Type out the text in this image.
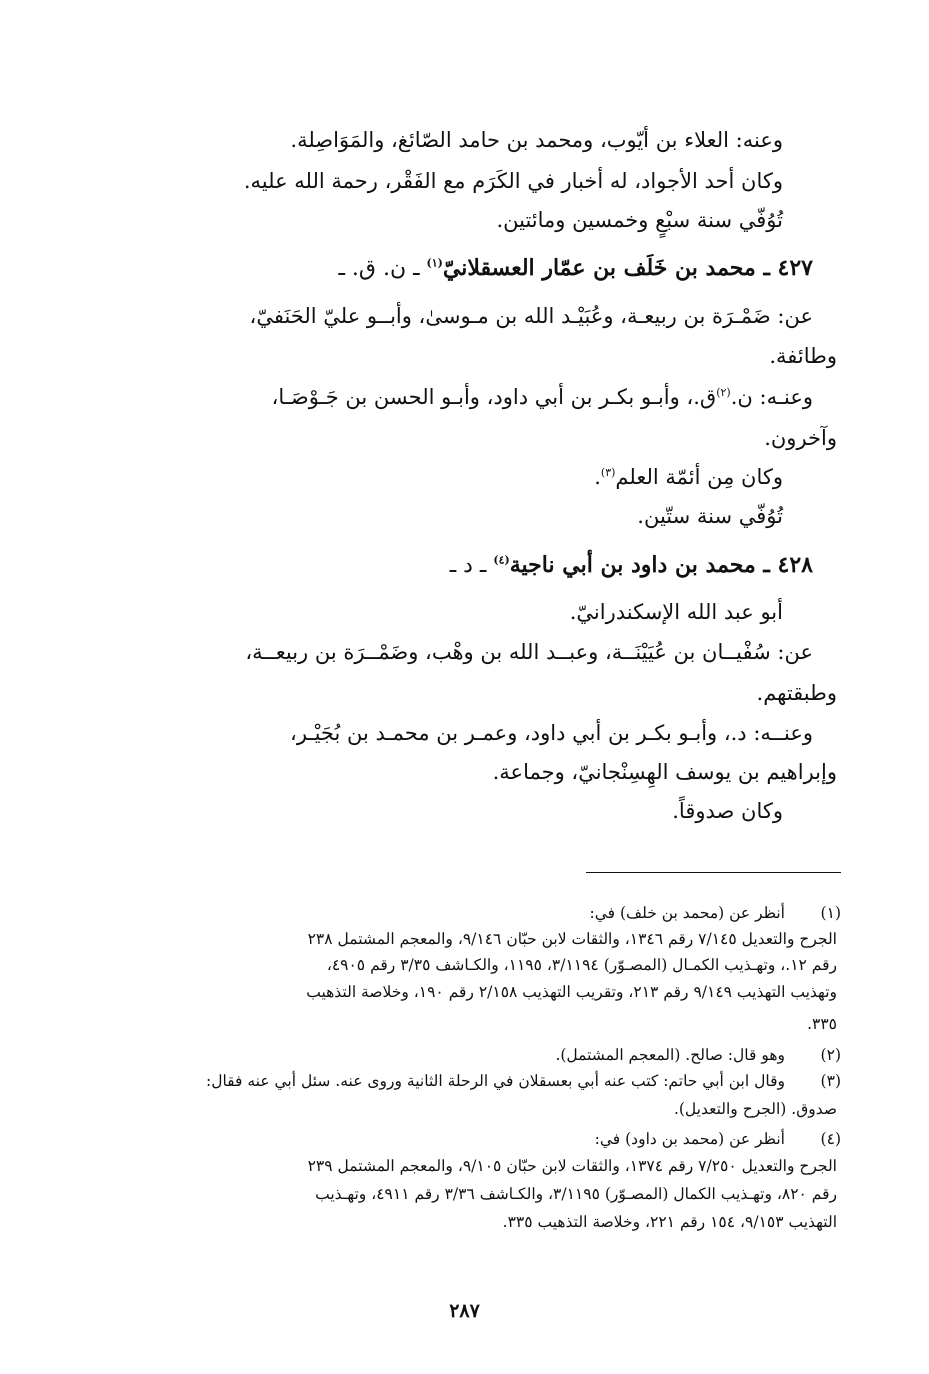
وعنه: العلاء بن أيّوب، ومحمد بن حامد الصّائغ، والمَوَاصِلة.
وكان أحد الأجواد، له أخبار في الكَرَم مع الفَقْر، رحمة الله عليه.
تُوُفّي سنة سبْعٍ وخمسين ومائتين.
٤٢٧ ـ محمد بن خَلَف بن عمّار العسقلانيّ$^{(١)}$ ـ ن. ق. ـ
عن: ضَمْـرَة بن ربيعـة، وعُبَيْـد الله بن مـوسىٰ، وأبــو عليّ الحَنَفيّ،
وطائفة.
وعنـه: ن.$^{(٢)}$ق.، وأبـو بكـر بن أبي داود، وأبـو الحسن بن جَـوْصَـا،
وآخرون.
وكان مِن أئمّة العلم$^{(٣)}$.
تُوُفّي سنة ستّين.
٤٢٨ ـ محمد بن داود بن أبي ناجية$^{(٤)}$ ـ د ـ
أبو عبد الله الإسكندرانيّ.
عن: سُفْيــان بن عُيَيْنَــة، وعبــد الله بن وهْب، وضَمْــرَة بن ربيعــة،
وطبقتهم.
وعنــه: د.، وأبـو بكـر بن أبي داود، وعمـر بن محمـد بن بُجَيْـر،
وإبراهيم بن يوسف الهِسِنْجانيّ، وجماعة.
وكان صدوقاً.
(١)
أنظر عن (محمد بن خلف) في:
الجرح والتعديل ٧/١٤٥ رقم ١٣٤٦، والثقات لابن حبّان ٩/١٤٦، والمعجم المشتمل ٢٣٨
رقم ١٢.، وتهـذيب الكمـال (المصـوّر) ٣/١١٩٤، ١١٩٥، والكـاشف ٣/٣٥ رقم ٤٩٠٥،
وتهذيب التهذيب ٩/١٤٩ رقم ٢١٣، وتقريب التهذيب ٢/١٥٨ رقم ١٩٠، وخلاصة التذهيب
٣٣٥.
(٢)
وهو قال: صالح. (المعجم المشتمل).
(٣)
وقال ابن أبي حاتم: كتب عنه أبي بعسقلان في الرحلة الثانية وروى عنه. سئل أبي عنه فقال:
صدوق. (الجرح والتعديل).
(٤)
أنظر عن (محمد بن داود) في:
الجرح والتعديل ٧/٢٥٠ رقم ١٣٧٤، والثقات لابن حبّان ٩/١٠٥، والمعجم المشتمل ٢٣٩
رقم ٨٢٠، وتهـذيب الكمال (المصـوّر) ٣/١١٩٥، والكـاشف ٣/٣٦ رقم ٤٩١١، وتهـذيب
التهذيب ٩/١٥٣، ١٥٤ رقم ٢٢١، وخلاصة التذهيب ٣٣٥.
٢٨٧
